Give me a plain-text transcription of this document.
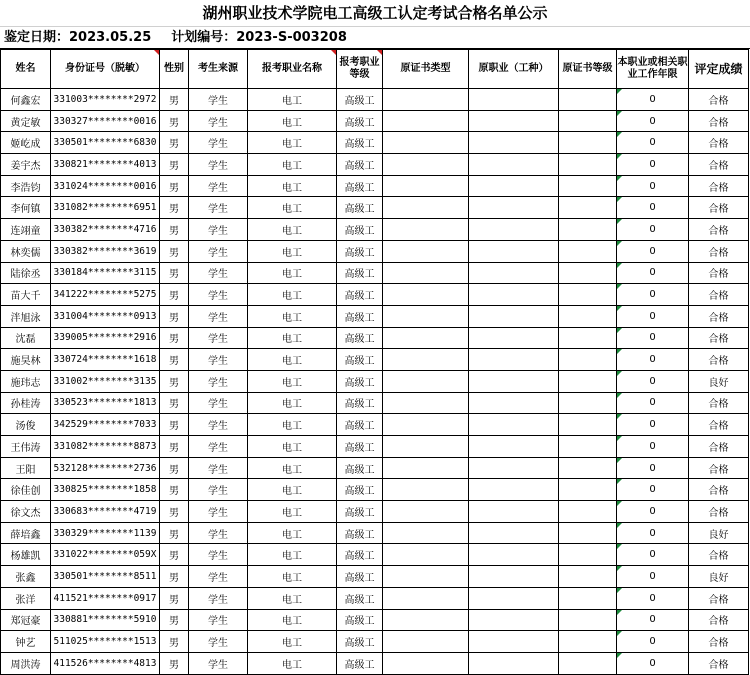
湖州职业技术学院电工高级工认定考试合格名单公示
鉴定日期：2023.05.25 计划编号：2023-S-003208
姓名	身份证号（脱敏）	性别	考生来源	报考职业名称	报考职业等级	原证书类型	原职业（工种）	原证书等级	本职业或相关职业工作年限	评定成绩
何鑫宏	331003********2972	男	学生	电工	高级工				0	合格
黄定敏	330327********0016	男	学生	电工	高级工				0	合格
姬屹成	330501********6830	男	学生	电工	高级工				0	合格
姜宇杰	330821********4013	男	学生	电工	高级工				0	合格
李浩钧	331024********0016	男	学生	电工	高级工				0	合格
李何镇	331082********6951	男	学生	电工	高级工				0	合格
连翊童	330382********4716	男	学生	电工	高级工				0	合格
林奕儒	330382********3619	男	学生	电工	高级工				0	合格
陆徐丞	330184********3115	男	学生	电工	高级工				0	合格
苗大千	341222********5275	男	学生	电工	高级工				0	合格
泮旭泳	331004********0913	男	学生	电工	高级工				0	合格
沈磊	339005********2916	男	学生	电工	高级工				0	合格
施昊林	330724********1618	男	学生	电工	高级工				0	合格
施玮志	331002********3135	男	学生	电工	高级工				0	良好
孙桂涛	330523********1813	男	学生	电工	高级工				0	合格
汤俊	342529********7033	男	学生	电工	高级工				0	合格
王伟涛	331082********8873	男	学生	电工	高级工				0	合格
王阳	532128********2736	男	学生	电工	高级工				0	合格
徐佳创	330825********1858	男	学生	电工	高级工				0	合格
徐文杰	330683********4719	男	学生	电工	高级工				0	合格
薛培鑫	330329********1139	男	学生	电工	高级工				0	良好
杨雄凯	331022********059X	男	学生	电工	高级工				0	合格
张鑫	330501********8511	男	学生	电工	高级工				0	良好
张洋	411521********0917	男	学生	电工	高级工				0	合格
郑冠豪	330881********5910	男	学生	电工	高级工				0	合格
钟艺	511025********1513	男	学生	电工	高级工				0	合格
周洪涛	411526********4813	男	学生	电工	高级工				0	合格
